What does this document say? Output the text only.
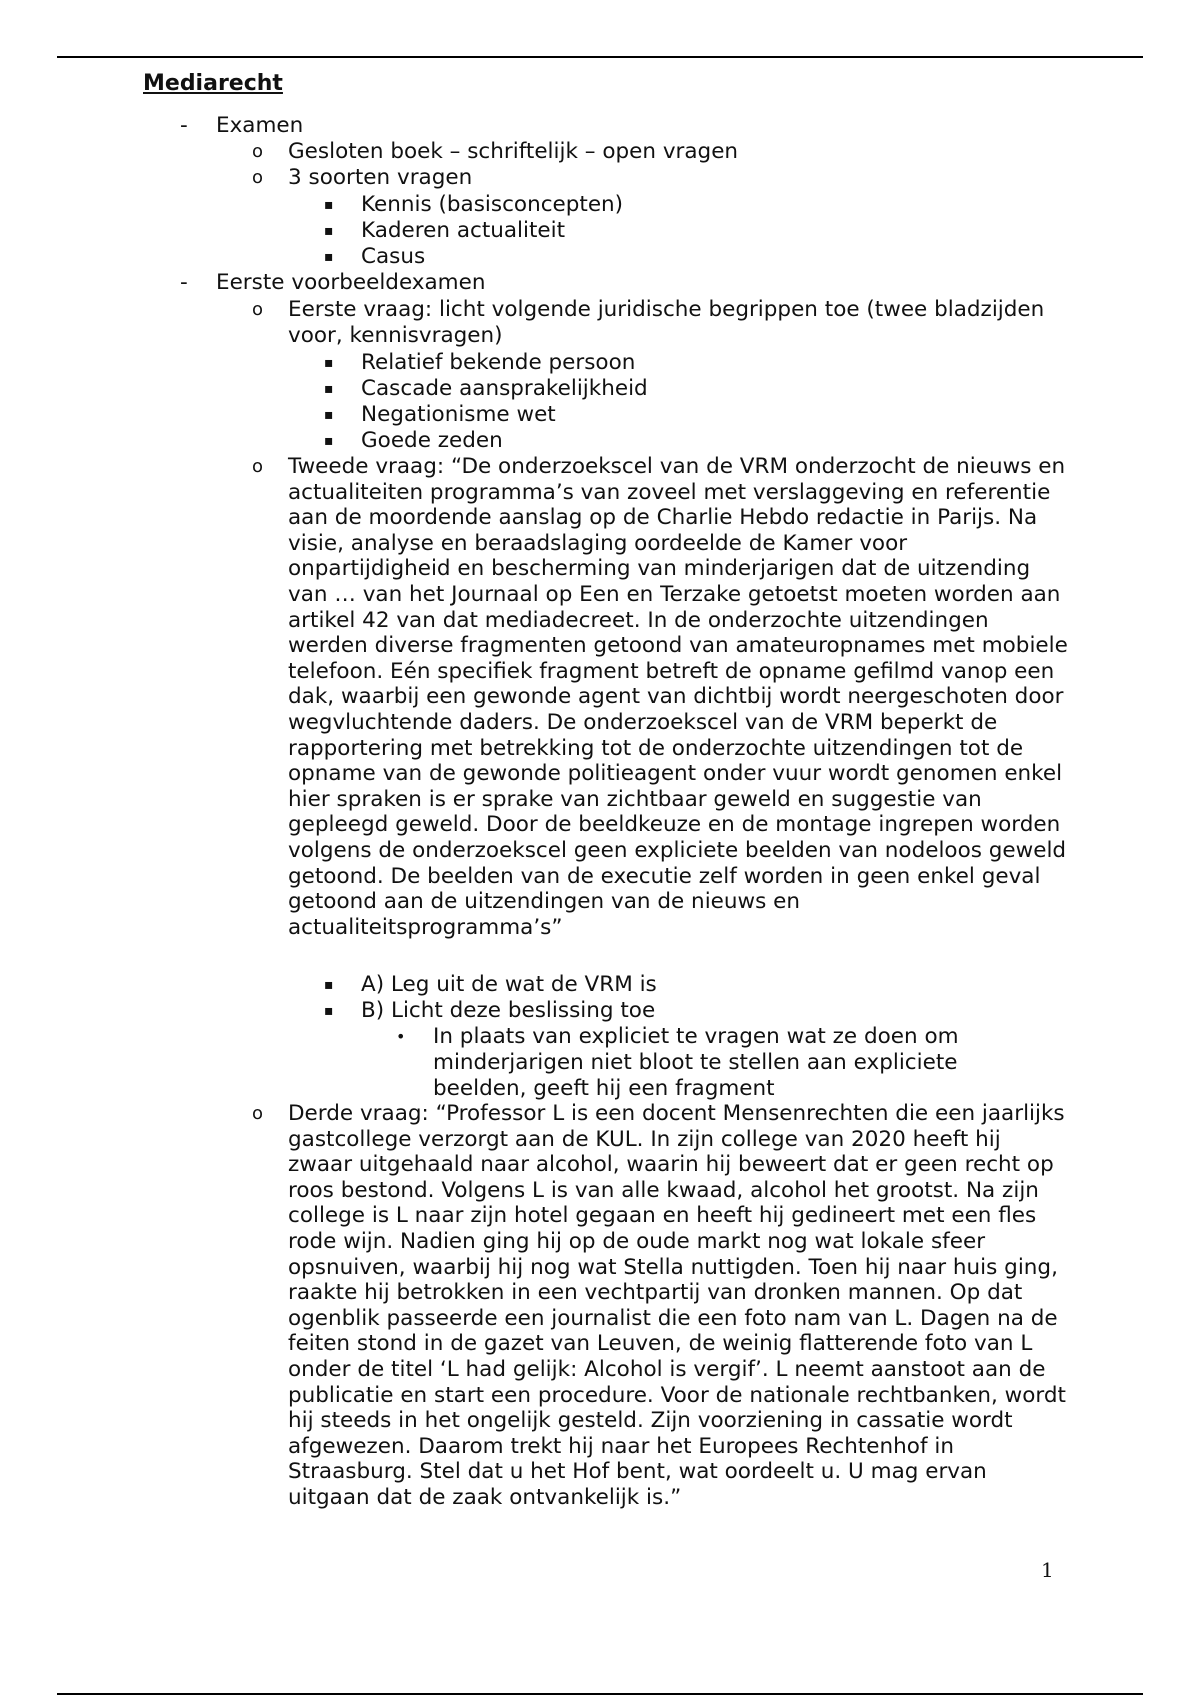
Mediarecht
- Examen
o Gesloten boek – schriftelijk – open vragen
o 3 soorten vragen
▪ Kennis (basisconcepten)
▪ Kaderen actualiteit
▪ Casus
- Eerste voorbeeldexamen
o Eerste vraag: licht volgende juridische begrippen toe (twee bladzijden voor, kennisvragen)
▪ Relatief bekende persoon
▪ Cascade aansprakelijkheid
▪ Negationisme wet
▪ Goede zeden
o Tweede vraag: “De onderzoekscel van de VRM onderzocht de nieuws en actualiteiten programma’s van zoveel met verslaggeving en referentie aan de moordende aanslag op de Charlie Hebdo redactie in Parijs. Na visie, analyse en beraadslaging oordeelde de Kamer voor onpartijdigheid en bescherming van minderjarigen dat de uitzending van … van het Journaal op Een en Terzake getoetst moeten worden aan artikel 42 van dat mediadecreet. In de onderzochte uitzendingen werden diverse fragmenten getoond van amateuropnames met mobiele telefoon. Eén specifiek fragment betreft de opname gefilmd vanop een dak, waarbij een gewonde agent van dichtbij wordt neergeschoten door wegvluchtende daders. De onderzoekscel van de VRM beperkt de rapportering met betrekking tot de onderzochte uitzendingen tot de opname van de gewonde politieagent onder vuur wordt genomen enkel hier spraken is er sprake van zichtbaar geweld en suggestie van gepleegd geweld. Door de beeldkeuze en de montage ingrepen worden volgens de onderzoekscel geen expliciete beelden van nodeloos geweld getoond. De beelden van de executie zelf worden in geen enkel geval getoond aan de uitzendingen van de nieuws en actualiteitsprogramma’s”
▪ A) Leg uit de wat de VRM is
▪ B) Licht deze beslissing toe
• In plaats van expliciet te vragen wat ze doen om minderjarigen niet bloot te stellen aan expliciete beelden, geeft hij een fragment
o Derde vraag: “Professor L is een docent Mensenrechten die een jaarlijks gastcollege verzorgt aan de KUL. In zijn college van 2020 heeft hij zwaar uitgehaald naar alcohol, waarin hij beweert dat er geen recht op roos bestond. Volgens L is van alle kwaad, alcohol het grootst. Na zijn college is L naar zijn hotel gegaan en heeft hij gedineert met een fles rode wijn. Nadien ging hij op de oude markt nog wat lokale sfeer opsnuiven, waarbij hij nog wat Stella nuttigden. Toen hij naar huis ging, raakte hij betrokken in een vechtpartij van dronken mannen. Op dat ogenblik passeerde een journalist die een foto nam van L. Dagen na de feiten stond in de gazet van Leuven, de weinig flatterende foto van L onder de titel ‘L had gelijk: Alcohol is vergif’. L neemt aanstoot aan de publicatie en start een procedure. Voor de nationale rechtbanken, wordt hij steeds in het ongelijk gesteld. Zijn voorziening in cassatie wordt afgewezen. Daarom trekt hij naar het Europees Rechtenhof in Straasburg. Stel dat u het Hof bent, wat oordeelt u. U mag ervan uitgaan dat de zaak ontvankelijk is.”
1
